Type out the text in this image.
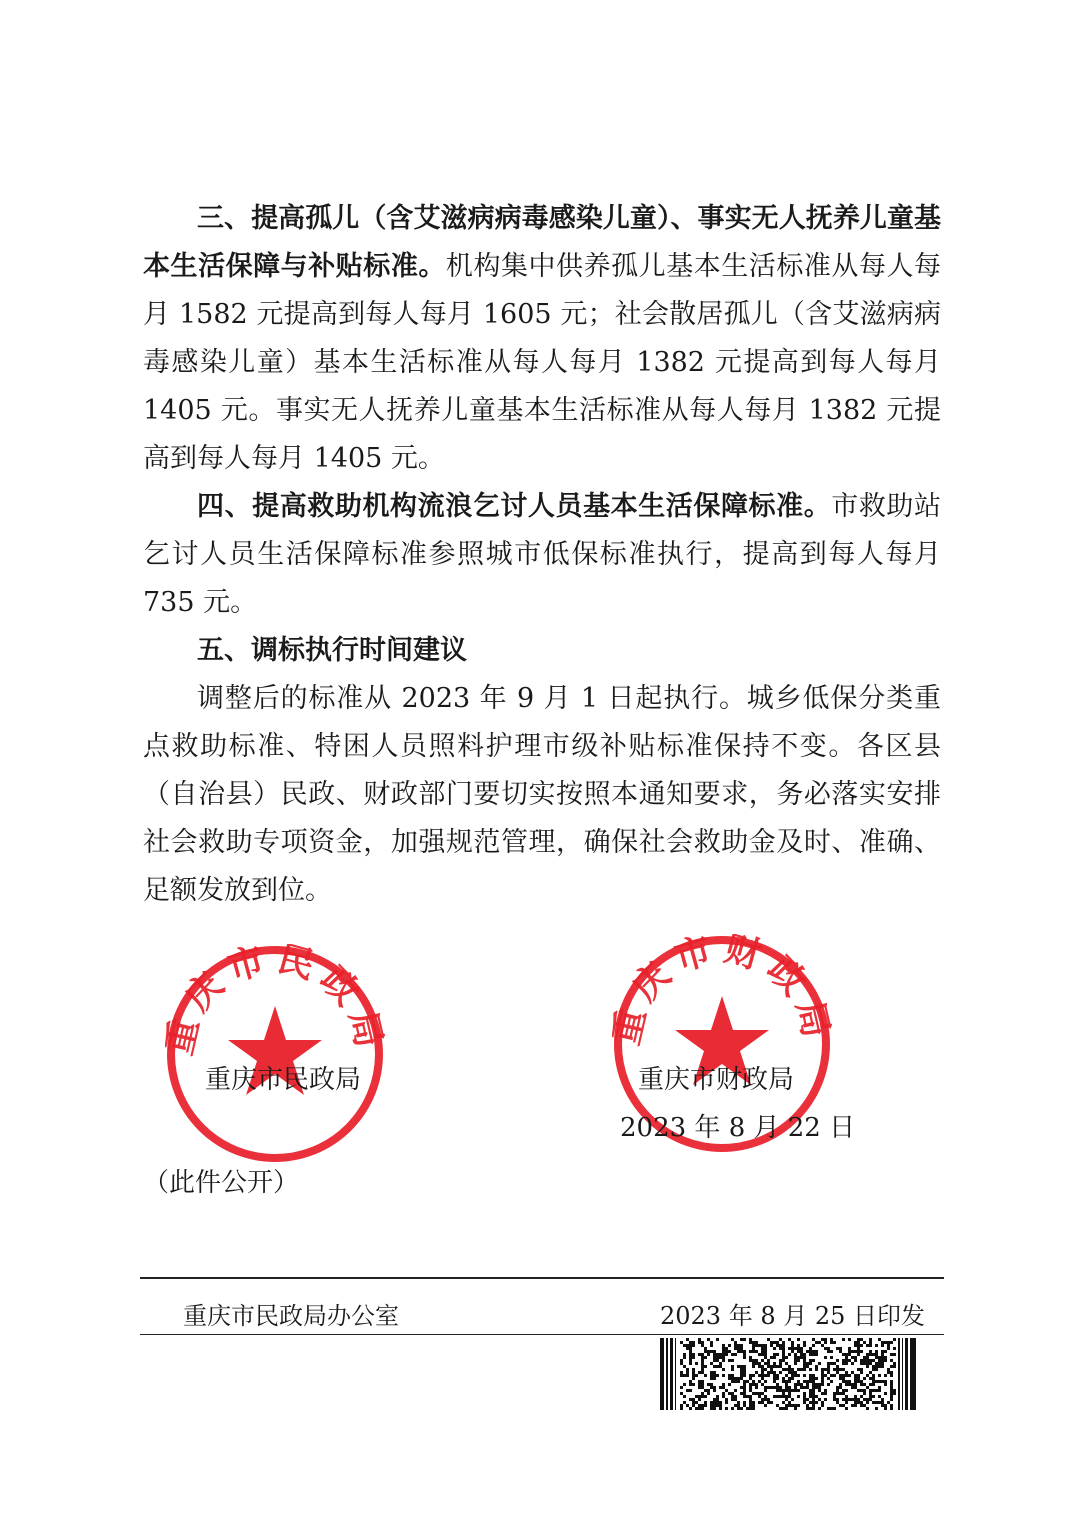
三、提高孤儿（含艾滋病病毒感染儿童）、事实无人抚养儿童基本生活保障与补贴标准。机构集中供养孤儿基本生活标准从每人每月 1582 元提高到每人每月 1605 元；社会散居孤儿（含艾滋病病毒感染儿童）基本生活标准从每人每月 1382 元提高到每人每月 1405 元。事实无人抚养儿童基本生活标准从每人每月 1382 元提高到每人每月 1405 元。

四、提高救助机构流浪乞讨人员基本生活保障标准。市救助站乞讨人员生活保障标准参照城市低保标准执行，提高到每人每月 735 元。

五、调标执行时间建议

调整后的标准从 2023 年 9 月 1 日起执行。城乡低保分类重点救助标准、特困人员照料护理市级补贴标准保持不变。各区县（自治县）民政、财政部门要切实按照本通知要求，务必落实安排社会救助专项资金，加强规范管理，确保社会救助金及时、准确、足额发放到位。

庆市民政	庆市财政
重庆市民政局	重庆市财政局
2023 年 8 月 22 日
（此件公开）
重庆市民政局办公室	2023 年 8 月 25 日印发
